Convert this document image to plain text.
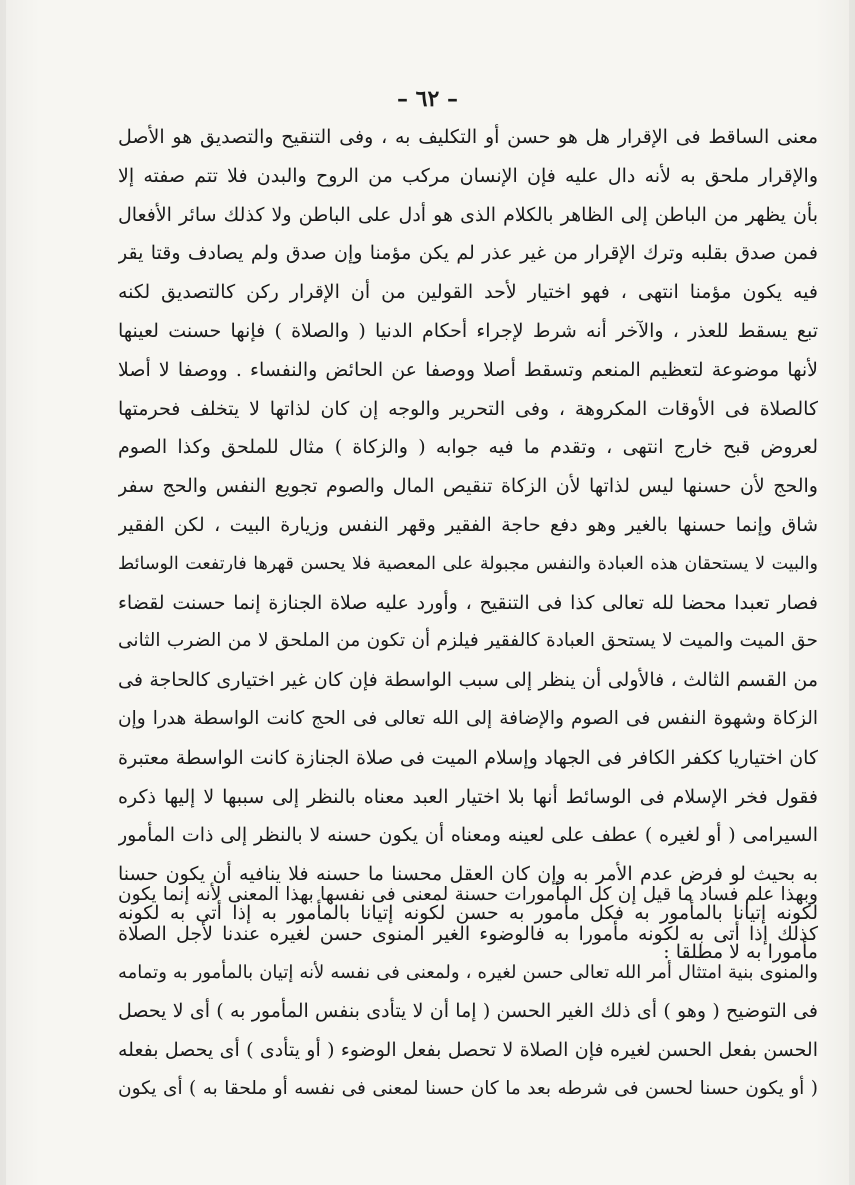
– ٦٢ –
معنى الساقط فى الإقرار هل هو حسن أو التكليف به ، وفى التنقيح والتصديق هو الأصل
والإقرار ملحق به لأنه دال عليه فإن الإنسان مركب من الروح والبدن فلا تتم صفته إلا
بأن يظهر من الباطن إلى الظاهر بالكلام الذى هو أدل على الباطن ولا كذلك سائر الأفعال
فمن صدق بقلبه وترك الإقرار من غير عذر لم يكن مؤمنا وإن صدق ولم يصادف وقتا يقر
فيه يكون مؤمنا انتهى ، فهو اختيار لأحد القولين من أن الإقرار ركن كالتصديق لكنه
تبع يسقط للعذر ، والآخر أنه شرط لإجراء أحكام الدنيا ( والصلاة ) فإنها حسنت لعينها
لأنها موضوعة لتعظيم المنعم وتسقط أصلا ووصفا عن الحائض والنفساء . ووصفا لا أصلا
كالصلاة فى الأوقات المكروهة ، وفى التحرير والوجه إن كان لذاتها لا يتخلف فحرمتها
لعروض قبح خارج انتهى ، وتقدم ما فيه جوابه ( والزكاة ) مثال للملحق وكذا الصوم
والحج لأن حسنها ليس لذاتها لأن الزكاة تنقيص المال والصوم تجويع النفس والحج سفر
شاق وإنما حسنها بالغير وهو دفع حاجة الفقير وقهر النفس وزيارة البيت ، لكن الفقير
والبيت لا يستحقان هذه العبادة والنفس مجبولة على المعصية فلا يحسن قهرها فارتفعت الوسائط
فصار تعبدا محضا لله تعالى كذا فى التنقيح ، وأورد عليه صلاة الجنازة إنما حسنت لقضاء
حق الميت والميت لا يستحق العبادة كالفقير فيلزم أن تكون من الملحق لا من الضرب الثانى
من القسم الثالث ، فالأولى أن ينظر إلى سبب الواسطة فإن كان غير اختيارى كالحاجة فى
الزكاة وشهوة النفس فى الصوم والإضافة إلى الله تعالى فى الحج كانت الواسطة هدرا وإن
كان اختياريا ككفر الكافر فى الجهاد وإسلام الميت فى صلاة الجنازة كانت الواسطة معتبرة
فقول فخر الإسلام فى الوسائط أنها بلا اختيار العبد معناه بالنظر إلى سببها لا إليها ذكره
السيرامى ( أو لغيره ) عطف على لعينه ومعناه أن يكون حسنه لا بالنظر إلى ذات المأمور
به بحيث لو فرض عدم الأمر به وإن كان العقل محسنا ما حسنه فلا ينافيه أن يكون حسنا
لكونه إتيانا بالمأمور به فكل مأمور به حسن لكونه إتيانا بالمأمور به إذا أتى به لكونه
مأمورا به لا مطلقا :
وبهذا علم فساد ما قيل إن كل المأمورات حسنة لمعنى فى نفسها بهذا المعنى لأنه إنما يكون
كذلك إذا أتى به لكونه مأمورا به فالوضوء الغير المنوى حسن لغيره عندنا لأجل الصلاة
والمنوى بنية امتثال أمر الله تعالى حسن لغيره ، ولمعنى فى نفسه لأنه إتيان بالمأمور به وتمامه
فى التوضيح ( وهو ) أى ذلك الغير الحسن ( إما أن لا يتأدى بنفس المأمور به ) أى لا يحصل
الحسن بفعل الحسن لغيره فإن الصلاة لا تحصل بفعل الوضوء ( أو يتأدى ) أى يحصل بفعله
( أو يكون حسنا لحسن فى شرطه بعد ما كان حسنا لمعنى فى نفسه أو ملحقا به ) أى يكون
